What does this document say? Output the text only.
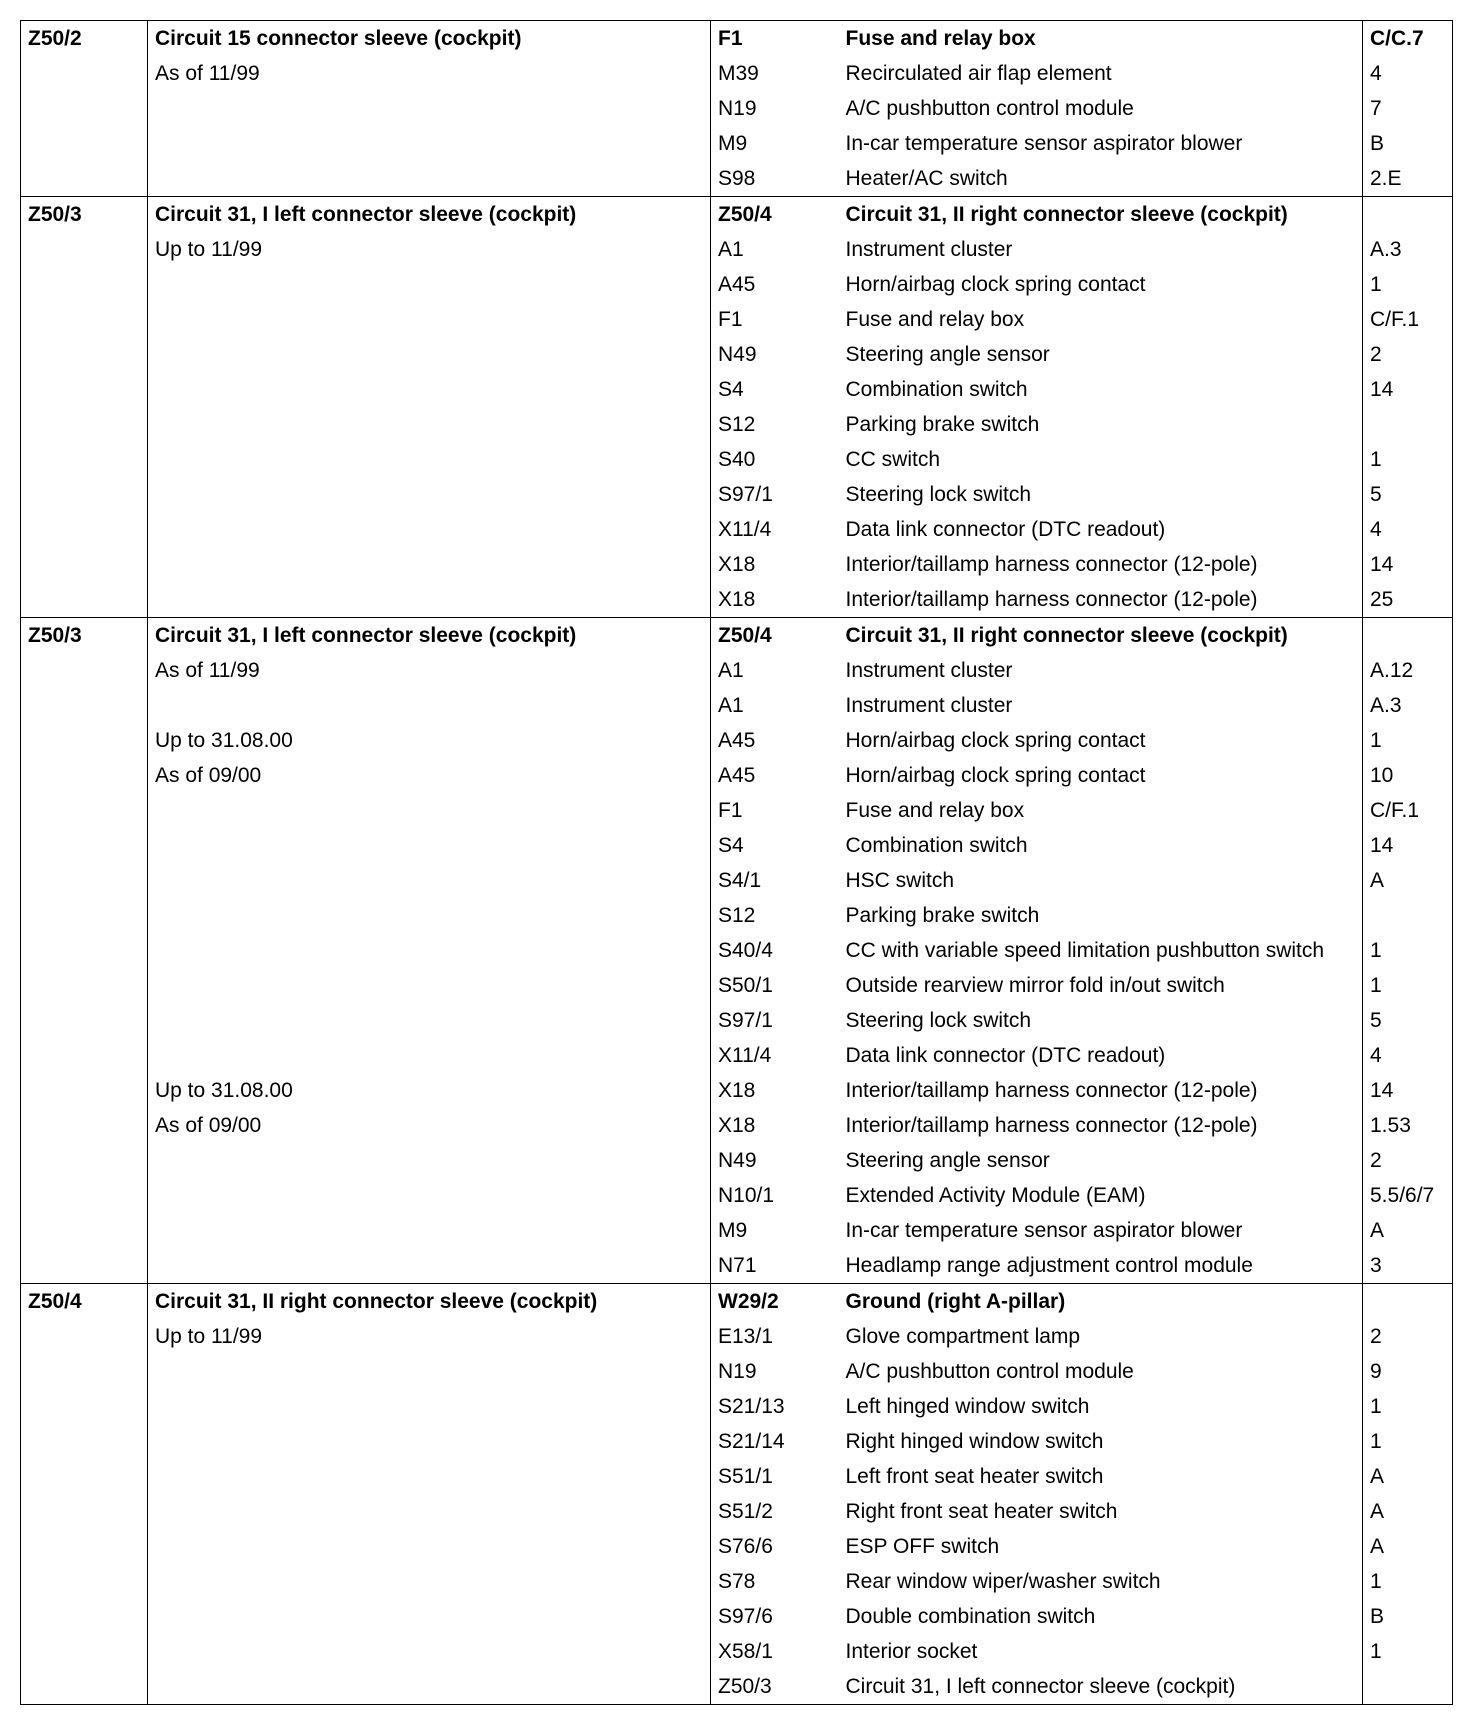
Z50/2	Circuit 15 connector sleeve (cockpit)	F1	Fuse and relay box	C/C.7
	As of 11/99	M39	Recirculated air flap element	4
		N19	A/C pushbutton control module	7
		M9	In-car temperature sensor aspirator blower	B
		S98	Heater/AC switch	2.E
Z50/3	Circuit 31, I left connector sleeve (cockpit)	Z50/4	Circuit 31, II right connector sleeve (cockpit)	
	Up to 11/99	A1	Instrument cluster	A.3
		A45	Horn/airbag clock spring contact	1
		F1	Fuse and relay box	C/F.1
		N49	Steering angle sensor	2
		S4	Combination switch	14
		S12	Parking brake switch	
		S40	CC switch	1
		S97/1	Steering lock switch	5
		X11/4	Data link connector (DTC readout)	4
		X18	Interior/taillamp harness connector (12-pole)	14
		X18	Interior/taillamp harness connector (12-pole)	25
Z50/3	Circuit 31, I left connector sleeve (cockpit)	Z50/4	Circuit 31, II right connector sleeve (cockpit)	
	As of 11/99	A1	Instrument cluster	A.12
		A1	Instrument cluster	A.3
	Up to 31.08.00	A45	Horn/airbag clock spring contact	1
	As of 09/00	A45	Horn/airbag clock spring contact	10
		F1	Fuse and relay box	C/F.1
		S4	Combination switch	14
		S4/1	HSC switch	A
		S12	Parking brake switch	
		S40/4	CC with variable speed limitation pushbutton switch	1
		S50/1	Outside rearview mirror fold in/out switch	1
		S97/1	Steering lock switch	5
		X11/4	Data link connector (DTC readout)	4
	Up to 31.08.00	X18	Interior/taillamp harness connector (12-pole)	14
	As of 09/00	X18	Interior/taillamp harness connector (12-pole)	1.53
		N49	Steering angle sensor	2
		N10/1	Extended Activity Module (EAM)	5.5/6/7
		M9	In-car temperature sensor aspirator blower	A
		N71	Headlamp range adjustment control module	3
Z50/4	Circuit 31, II right connector sleeve (cockpit)	W29/2	Ground (right A-pillar)	
	Up to 11/99	E13/1	Glove compartment lamp	2
		N19	A/C pushbutton control module	9
		S21/13	Left hinged window switch	1
		S21/14	Right hinged window switch	1
		S51/1	Left front seat heater switch	A
		S51/2	Right front seat heater switch	A
		S76/6	ESP OFF switch	A
		S78	Rear window wiper/washer switch	1
		S97/6	Double combination switch	B
		X58/1	Interior socket	1
		Z50/3	Circuit 31, I left connector sleeve (cockpit)	
